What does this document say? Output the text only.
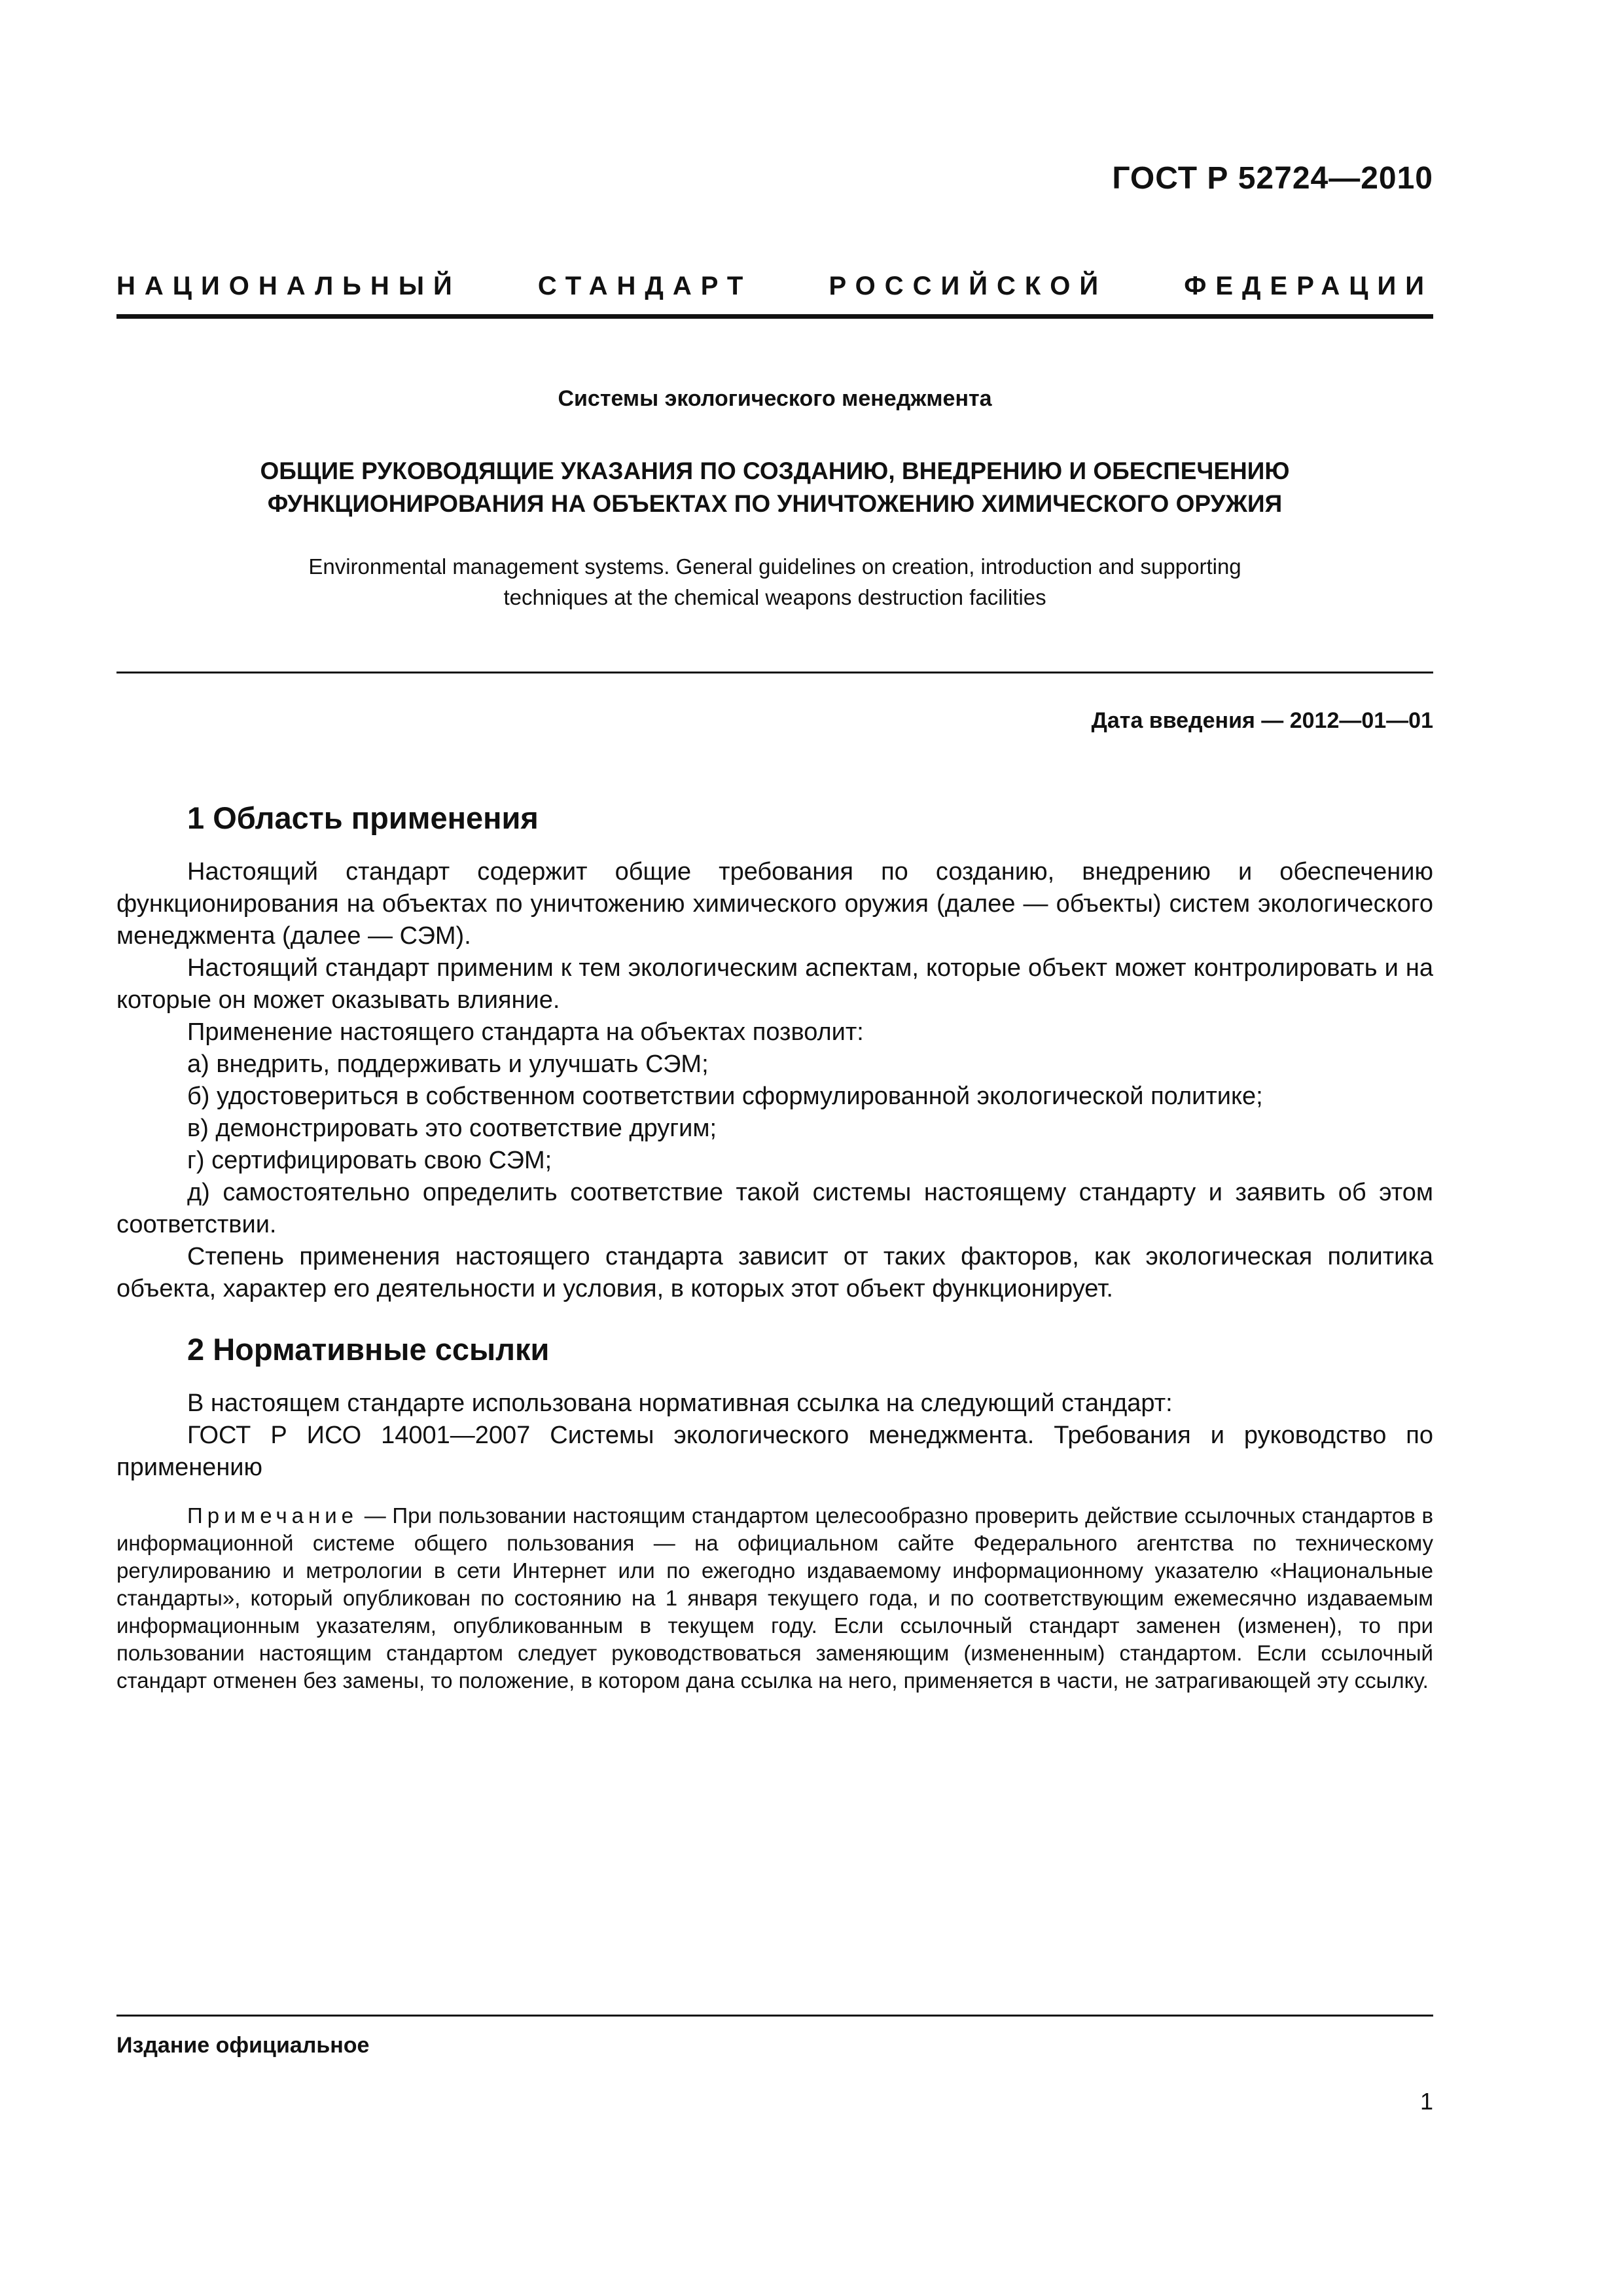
ГОСТ Р 52724—2010
НАЦИОНАЛЬНЫЙ СТАНДАРТ РОССИЙСКОЙ ФЕДЕРАЦИИ
Системы экологического менеджмента
ОБЩИЕ РУКОВОДЯЩИЕ УКАЗАНИЯ ПО СОЗДАНИЮ, ВНЕДРЕНИЮ И ОБЕСПЕЧЕНИЮ
ФУНКЦИОНИРОВАНИЯ НА ОБЪЕКТАХ ПО УНИЧТОЖЕНИЮ ХИМИЧЕСКОГО ОРУЖИЯ
Environmental management systems. General guidelines on creation, introduction and supporting
techniques at the chemical weapons destruction facilities
Дата введения — 2012—01—01
1 Область применения

Настоящий стандарт содержит общие требования по созданию, внедрению и обеспечению функционирования на объектах по уничтожению химического оружия (далее — объекты) систем экологического менеджмента (далее — СЭМ).

Настоящий стандарт применим к тем экологическим аспектам, которые объект может контролировать и на которые он может оказывать влияние.

Применение настоящего стандарта на объектах позволит:

а) внедрить, поддерживать и улучшать СЭМ;

б) удостовериться в собственном соответствии сформулированной экологической политике;

в) демонстрировать это соответствие другим;

г) сертифицировать свою СЭМ;

д) самостоятельно определить соответствие такой системы настоящему стандарту и заявить об этом соответствии.

Степень применения настоящего стандарта зависит от таких факторов, как экологическая политика объекта, характер его деятельности и условия, в которых этот объект функционирует.

2 Нормативные ссылки

В настоящем стандарте использована нормативная ссылка на следующий стандарт:

ГОСТ Р ИСО 14001—2007 Системы экологического менеджмента. Требования и руководство по применению

Примечание — При пользовании настоящим стандартом целесообразно проверить действие ссылочных стандартов в информационной системе общего пользования — на официальном сайте Федерального агентства по техническому регулированию и метрологии в сети Интернет или по ежегодно издаваемому информационному указателю «Национальные стандарты», который опубликован по состоянию на 1 января текущего года, и по соответствующим ежемесячно издаваемым информационным указателям, опубликованным в текущем году. Если ссылочный стандарт заменен (изменен), то при пользовании настоящим стандартом следует руководствоваться заменяющим (измененным) стандартом. Если ссылочный стандарт отменен без замены, то положение, в котором дана ссылка на него, применяется в части, не затрагивающей эту ссылку.

Издание официальное
1
